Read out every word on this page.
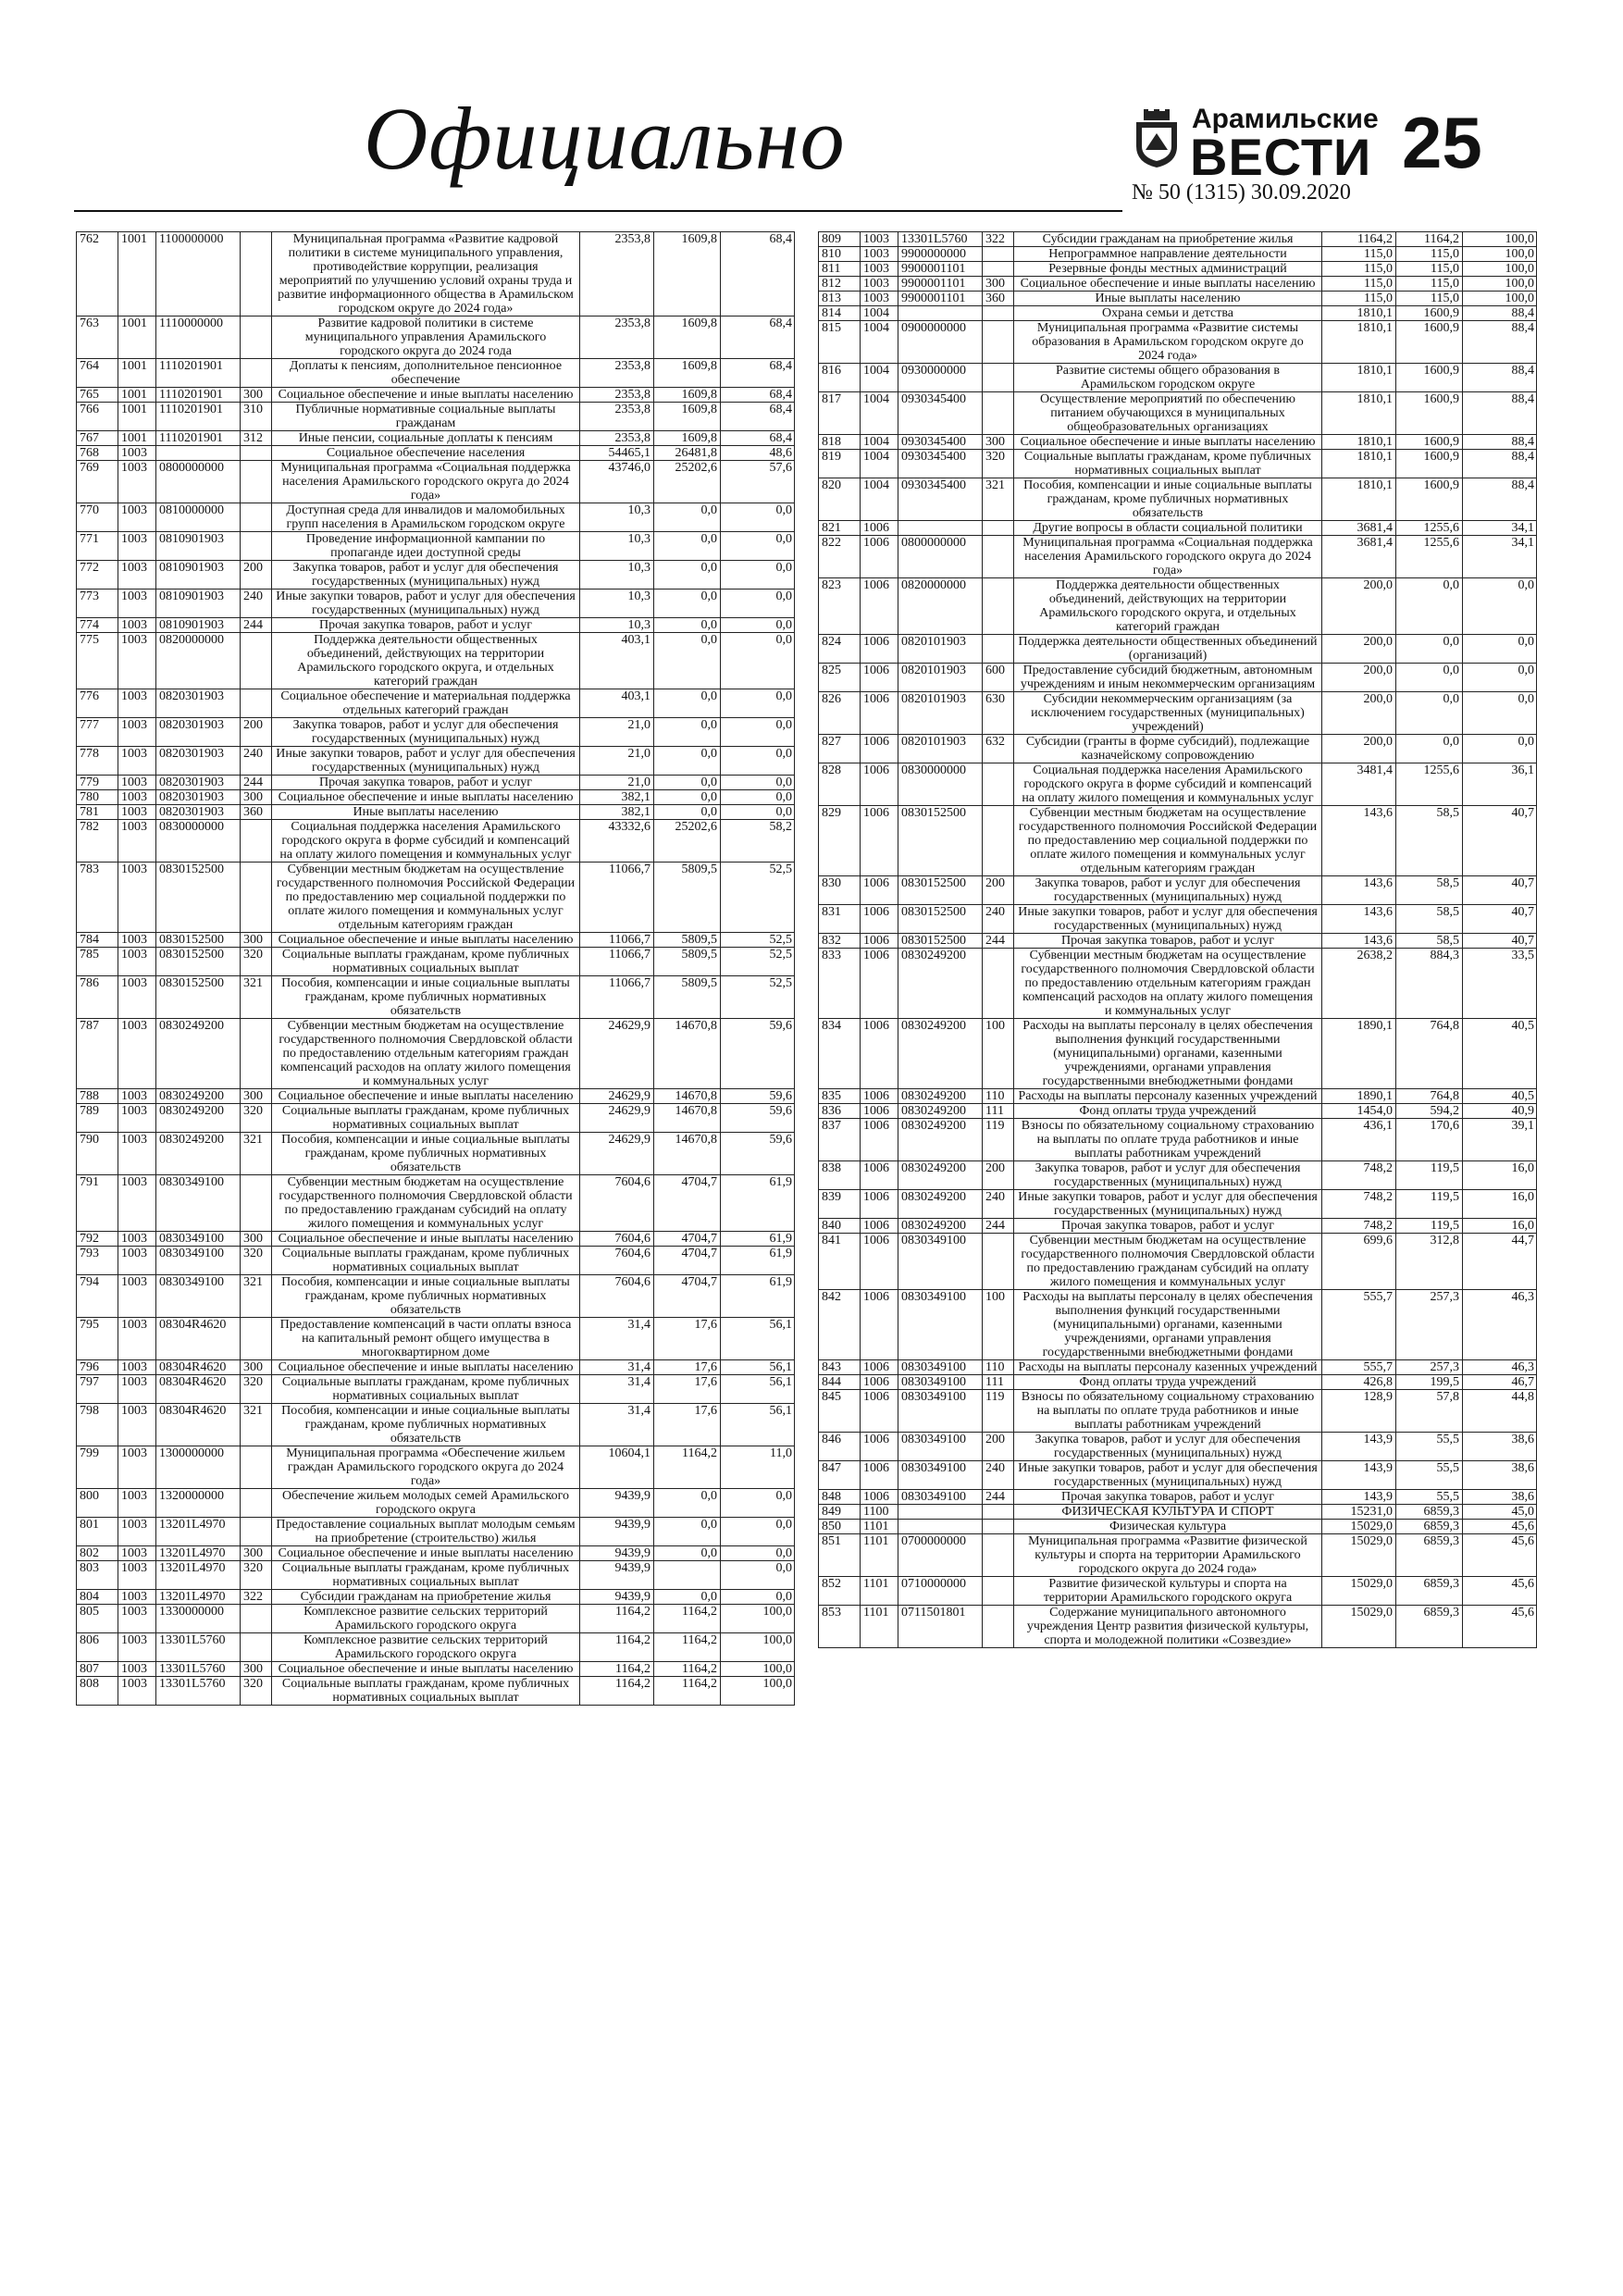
Официально	Арамильские
ВЕСТИ
№ 50 (1315) 30.09.2020
25
762	1001	1100000000		Муниципальная программа «Развитие кадровой политики в системе муниципального управления, противодействие коррупции, реализация мероприятий по улучшению условий охраны труда и развитие информационного общества в Арамильском городском округе до 2024 года»	2353,8	1609,8	68,4
763	1001	1110000000		Развитие кадровой политики в системе муниципального управления Арамильского городского округа до 2024 года	2353,8	1609,8	68,4
764	1001	1110201901		Доплаты к пенсиям, дополнительное пенсионное обеспечение	2353,8	1609,8	68,4
765	1001	1110201901	300	Социальное обеспечение и иные выплаты населению	2353,8	1609,8	68,4
766	1001	1110201901	310	Публичные нормативные социальные выплаты гражданам	2353,8	1609,8	68,4
767	1001	1110201901	312	Иные пенсии, социальные доплаты к пенсиям	2353,8	1609,8	68,4
768	1003			Социальное обеспечение населения	54465,1	26481,8	48,6
769	1003	0800000000		Муниципальная программа «Социальная поддержка населения Арамильского городского округа до 2024 года»	43746,0	25202,6	57,6
770	1003	0810000000		Доступная среда для инвалидов и маломобильных групп населения в Арамильском городском округе	10,3	0,0	0,0
771	1003	0810901903		Проведение информационной кампании по пропаганде идеи доступной среды	10,3	0,0	0,0
772	1003	0810901903	200	Закупка товаров, работ и услуг для обеспечения государственных (муниципальных) нужд	10,3	0,0	0,0
773	1003	0810901903	240	Иные закупки товаров, работ и услуг для обеспечения государственных (муниципальных) нужд	10,3	0,0	0,0
774	1003	0810901903	244	Прочая закупка товаров, работ и услуг	10,3	0,0	0,0
775	1003	0820000000		Поддержка деятельности общественных объединений, действующих на территории Арамильского городского округа, и отдельных категорий граждан	403,1	0,0	0,0
776	1003	0820301903		Социальное обеспечение и материальная поддержка отдельных категорий граждан	403,1	0,0	0,0
777	1003	0820301903	200	Закупка товаров, работ и услуг для обеспечения государственных (муниципальных) нужд	21,0	0,0	0,0
778	1003	0820301903	240	Иные закупки товаров, работ и услуг для обеспечения государственных (муниципальных) нужд	21,0	0,0	0,0
779	1003	0820301903	244	Прочая закупка товаров, работ и услуг	21,0	0,0	0,0
780	1003	0820301903	300	Социальное обеспечение и иные выплаты населению	382,1	0,0	0,0
781	1003	0820301903	360	Иные выплаты населению	382,1	0,0	0,0
782	1003	0830000000		Социальная поддержка населения Арамильского городского округа в форме субсидий и компенсаций на оплату жилого помещения и коммунальных услуг	43332,6	25202,6	58,2
783	1003	0830152500		Субвенции местным бюджетам на осуществление государственного полномочия Российской Федерации по предоставлению мер социальной поддержки по оплате жилого помещения и коммунальных услуг отдельным категориям граждан	11066,7	5809,5	52,5
784	1003	0830152500	300	Социальное обеспечение и иные выплаты населению	11066,7	5809,5	52,5
785	1003	0830152500	320	Социальные выплаты гражданам, кроме публичных нормативных социальных выплат	11066,7	5809,5	52,5
786	1003	0830152500	321	Пособия, компенсации и иные социальные выплаты гражданам, кроме публичных нормативных обязательств	11066,7	5809,5	52,5
787	1003	0830249200		Субвенции местным бюджетам на осуществление государственного полномочия Свердловской области по предоставлению отдельным категориям граждан компенсаций расходов на оплату жилого помещения и коммунальных услуг	24629,9	14670,8	59,6
788	1003	0830249200	300	Социальное обеспечение и иные выплаты населению	24629,9	14670,8	59,6
789	1003	0830249200	320	Социальные выплаты гражданам, кроме публичных нормативных социальных выплат	24629,9	14670,8	59,6
790	1003	0830249200	321	Пособия, компенсации и иные социальные выплаты гражданам, кроме публичных нормативных обязательств	24629,9	14670,8	59,6
791	1003	0830349100		Субвенции местным бюджетам на осуществление государственного полномочия Свердловской области по предоставлению гражданам субсидий на оплату жилого помещения и коммунальных услуг	7604,6	4704,7	61,9
792	1003	0830349100	300	Социальное обеспечение и иные выплаты населению	7604,6	4704,7	61,9
793	1003	0830349100	320	Социальные выплаты гражданам, кроме публичных нормативных социальных выплат	7604,6	4704,7	61,9
794	1003	0830349100	321	Пособия, компенсации и иные социальные выплаты гражданам, кроме публичных нормативных обязательств	7604,6	4704,7	61,9
795	1003	08304R4620		Предоставление компенсаций в части оплаты взноса на капитальный ремонт общего имущества в многоквартирном доме	31,4	17,6	56,1
796	1003	08304R4620	300	Социальное обеспечение и иные выплаты населению	31,4	17,6	56,1
797	1003	08304R4620	320	Социальные выплаты гражданам, кроме публичных нормативных социальных выплат	31,4	17,6	56,1
798	1003	08304R4620	321	Пособия, компенсации и иные социальные выплаты гражданам, кроме публичных нормативных обязательств	31,4	17,6	56,1
799	1003	1300000000		Муниципальная программа «Обеспечение жильем граждан Арамильского городского округа до 2024 года»	10604,1	1164,2	11,0
800	1003	1320000000		Обеспечение жильем молодых семей Арамильского городского округа	9439,9	0,0	0,0
801	1003	13201L4970		Предоставление социальных выплат молодым семьям на приобретение (строительство) жилья	9439,9	0,0	0,0
802	1003	13201L4970	300	Социальное обеспечение и иные выплаты населению	9439,9	0,0	0,0
803	1003	13201L4970	320	Социальные выплаты гражданам, кроме публичных нормативных социальных выплат	9439,9		0,0
804	1003	13201L4970	322	Субсидии гражданам на приобретение жилья	9439,9	0,0	0,0
805	1003	1330000000		Комплексное развитие сельских территорий Арамильского городского округа	1164,2	1164,2	100,0
806	1003	13301L5760		Комплексное развитие сельских территорий Арамильского городского округа	1164,2	1164,2	100,0
807	1003	13301L5760	300	Социальное обеспечение и иные выплаты населению	1164,2	1164,2	100,0
808	1003	13301L5760	320	Социальные выплаты гражданам, кроме публичных нормативных социальных выплат	1164,2	1164,2	100,0
809	1003	13301L5760	322	Субсидии гражданам на приобретение жилья	1164,2	1164,2	100,0
810	1003	9900000000		Непрограммное направление деятельности	115,0	115,0	100,0
811	1003	9900001101		Резервные фонды местных администраций	115,0	115,0	100,0
812	1003	9900001101	300	Социальное обеспечение и иные выплаты населению	115,0	115,0	100,0
813	1003	9900001101	360	Иные выплаты населению	115,0	115,0	100,0
814	1004			Охрана семьи и детства	1810,1	1600,9	88,4
815	1004	0900000000		Муниципальная программа «Развитие системы образования в Арамильском городском округе до 2024 года»	1810,1	1600,9	88,4
816	1004	0930000000		Развитие системы общего образования в Арамильском городском округе	1810,1	1600,9	88,4
817	1004	0930345400		Осуществление мероприятий по обеспечению питанием обучающихся в муниципальных общеобразовательных организациях	1810,1	1600,9	88,4
818	1004	0930345400	300	Социальное обеспечение и иные выплаты населению	1810,1	1600,9	88,4
819	1004	0930345400	320	Социальные выплаты гражданам, кроме публичных нормативных социальных выплат	1810,1	1600,9	88,4
820	1004	0930345400	321	Пособия, компенсации и иные социальные выплаты гражданам, кроме публичных нормативных обязательств	1810,1	1600,9	88,4
821	1006			Другие вопросы в области социальной политики	3681,4	1255,6	34,1
822	1006	0800000000		Муниципальная программа «Социальная поддержка населения Арамильского городского округа до 2024 года»	3681,4	1255,6	34,1
823	1006	0820000000		Поддержка деятельности общественных объединений, действующих на территории Арамильского городского округа, и отдельных категорий граждан	200,0	0,0	0,0
824	1006	0820101903		Поддержка деятельности общественных объединений (организаций)	200,0	0,0	0,0
825	1006	0820101903	600	Предоставление субсидий бюджетным, автономным учреждениям и иным некоммерческим организациям	200,0	0,0	0,0
826	1006	0820101903	630	Субсидии некоммерческим организациям (за исключением государственных (муниципальных) учреждений)	200,0	0,0	0,0
827	1006	0820101903	632	Субсидии (гранты в форме субсидий), подлежащие казначейскому сопровождению	200,0	0,0	0,0
828	1006	0830000000		Социальная поддержка населения Арамильского городского округа в форме субсидий и компенсаций на оплату жилого помещения и коммунальных услуг	3481,4	1255,6	36,1
829	1006	0830152500		Субвенции местным бюджетам на осуществление государственного полномочия Российской Федерации по предоставлению мер социальной поддержки по оплате жилого помещения и коммунальных услуг отдельным категориям граждан	143,6	58,5	40,7
830	1006	0830152500	200	Закупка товаров, работ и услуг для обеспечения государственных (муниципальных) нужд	143,6	58,5	40,7
831	1006	0830152500	240	Иные закупки товаров, работ и услуг для обеспечения государственных (муниципальных) нужд	143,6	58,5	40,7
832	1006	0830152500	244	Прочая закупка товаров, работ и услуг	143,6	58,5	40,7
833	1006	0830249200		Субвенции местным бюджетам на осуществление государственного полномочия Свердловской области по предоставлению отдельным категориям граждан компенсаций расходов на оплату жилого помещения и коммунальных услуг	2638,2	884,3	33,5
834	1006	0830249200	100	Расходы на выплаты персоналу в целях обеспечения выполнения функций государственными (муниципальными) органами, казенными учреждениями, органами управления государственными внебюджетными фондами	1890,1	764,8	40,5
835	1006	0830249200	110	Расходы на выплаты персоналу казенных учреждений	1890,1	764,8	40,5
836	1006	0830249200	111	Фонд оплаты труда учреждений	1454,0	594,2	40,9
837	1006	0830249200	119	Взносы по обязательному социальному страхованию на выплаты по оплате труда работников и иные выплаты работникам учреждений	436,1	170,6	39,1
838	1006	0830249200	200	Закупка товаров, работ и услуг для обеспечения государственных (муниципальных) нужд	748,2	119,5	16,0
839	1006	0830249200	240	Иные закупки товаров, работ и услуг для обеспечения государственных (муниципальных) нужд	748,2	119,5	16,0
840	1006	0830249200	244	Прочая закупка товаров, работ и услуг	748,2	119,5	16,0
841	1006	0830349100		Субвенции местным бюджетам на осуществление государственного полномочия Свердловской области по предоставлению гражданам субсидий на оплату жилого помещения и коммунальных услуг	699,6	312,8	44,7
842	1006	0830349100	100	Расходы на выплаты персоналу в целях обеспечения выполнения функций государственными (муниципальными) органами, казенными учреждениями, органами управления государственными внебюджетными фондами	555,7	257,3	46,3
843	1006	0830349100	110	Расходы на выплаты персоналу казенных учреждений	555,7	257,3	46,3
844	1006	0830349100	111	Фонд оплаты труда учреждений	426,8	199,5	46,7
845	1006	0830349100	119	Взносы по обязательному социальному страхованию на выплаты по оплате труда работников и иные выплаты работникам учреждений	128,9	57,8	44,8
846	1006	0830349100	200	Закупка товаров, работ и услуг для обеспечения государственных (муниципальных) нужд	143,9	55,5	38,6
847	1006	0830349100	240	Иные закупки товаров, работ и услуг для обеспечения государственных (муниципальных) нужд	143,9	55,5	38,6
848	1006	0830349100	244	Прочая закупка товаров, работ и услуг	143,9	55,5	38,6
849	1100			ФИЗИЧЕСКАЯ КУЛЬТУРА И СПОРТ	15231,0	6859,3	45,0
850	1101			Физическая культура	15029,0	6859,3	45,6
851	1101	0700000000		Муниципальная программа «Развитие физической культуры и спорта на территории Арамильского городского округа до 2024 года»	15029,0	6859,3	45,6
852	1101	0710000000		Развитие физической культуры и спорта на территории Арамильского городского округа	15029,0	6859,3	45,6
853	1101	0711501801		Содержание муниципального автономного учреждения Центр развития физической культуры, спорта и молодежной политики «Созвездие»	15029,0	6859,3	45,6
